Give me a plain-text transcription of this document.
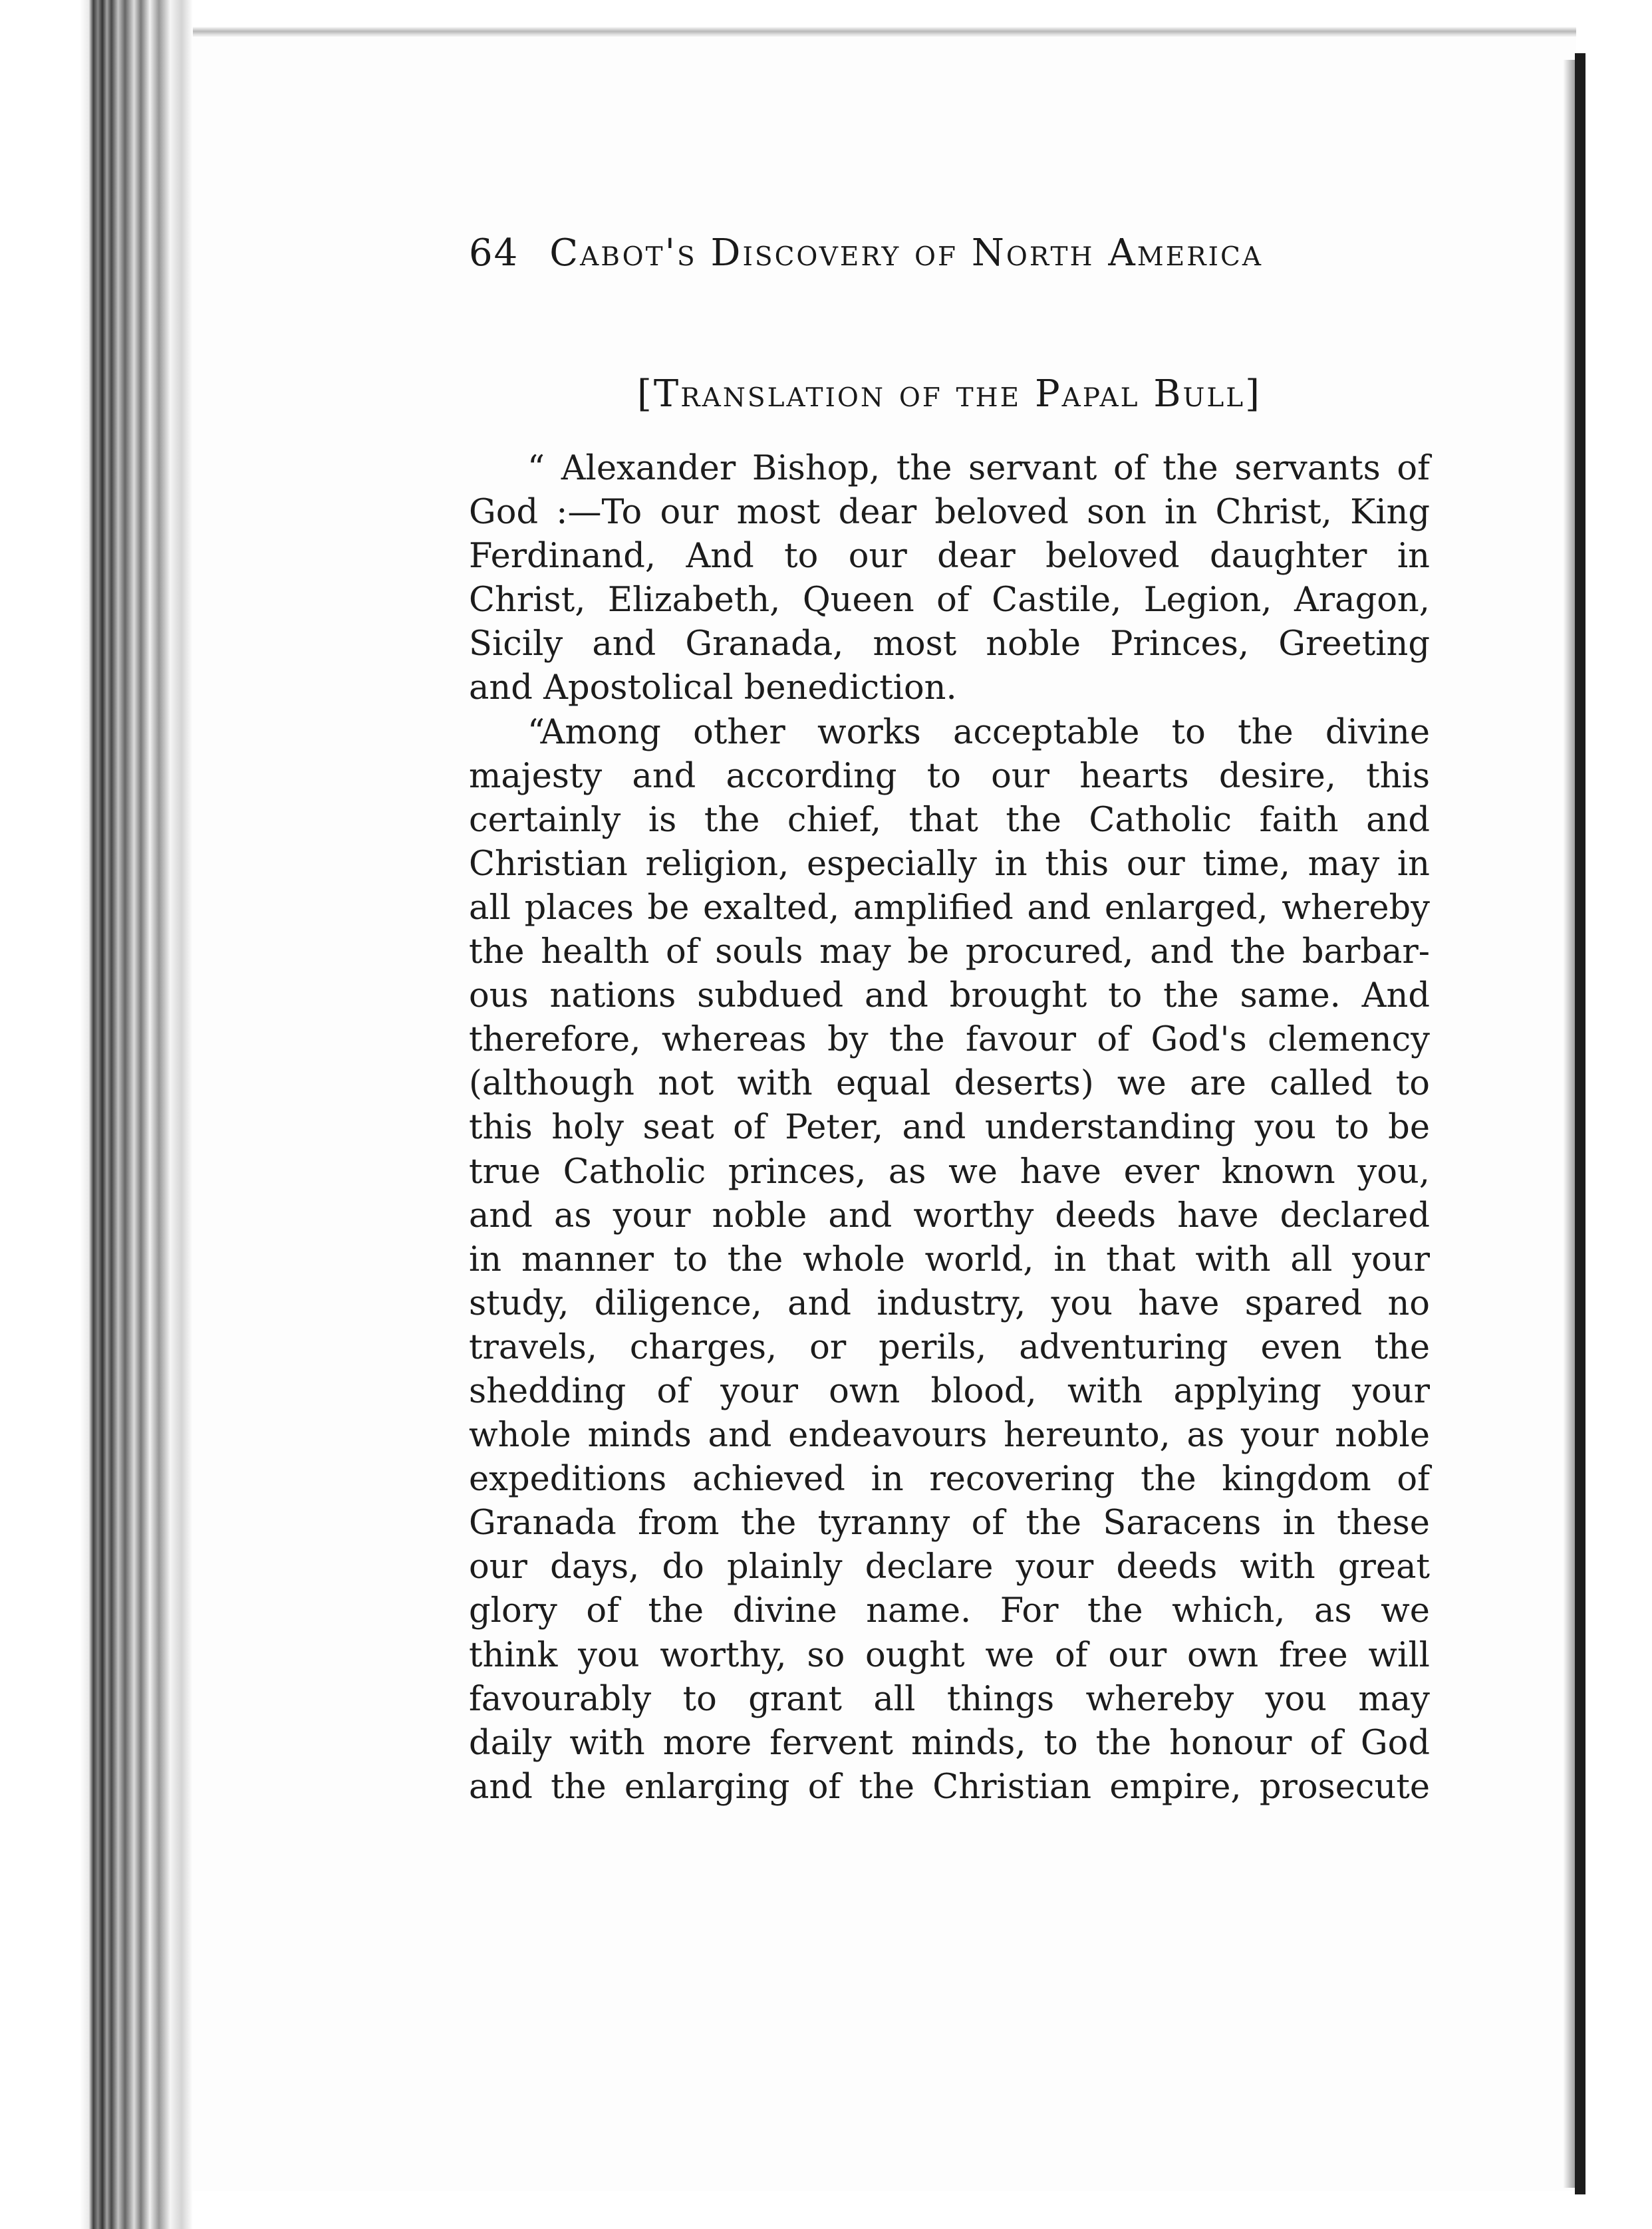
64 Cabot's Discovery of North America
[Translation of the Papal Bull]
“ Alexander Bishop, the servant of the servants of
God :—To our most dear beloved son in Christ, King
Ferdinand, And to our dear beloved daughter in
Christ, Elizabeth, Queen of Castile, Legion, Aragon,
Sicily and Granada, most noble Princes, Greeting
and Apostolical benediction.
“Among other works acceptable to the divine
majesty and according to our hearts desire, this
certainly is the chief, that the Catholic faith and
Christian religion, especially in this our time, may in
all places be exalted, amplified and enlarged, whereby
the health of souls may be procured, and the barbar-
ous nations subdued and brought to the same. And
therefore, whereas by the favour of God's clemency
(although not with equal deserts) we are called to
this holy seat of Peter, and understanding you to be
true Catholic princes, as we have ever known you,
and as your noble and worthy deeds have declared
in manner to the whole world, in that with all your
study, diligence, and industry, you have spared no
travels, charges, or perils, adventuring even the
shedding of your own blood, with applying your
whole minds and endeavours hereunto, as your noble
expeditions achieved in recovering the kingdom of
Granada from the tyranny of the Saracens in these
our days, do plainly declare your deeds with great
glory of the divine name. For the which, as we
think you worthy, so ought we of our own free will
favourably to grant all things whereby you may
daily with more fervent minds, to the honour of God
and the enlarging of the Christian empire, prosecute
